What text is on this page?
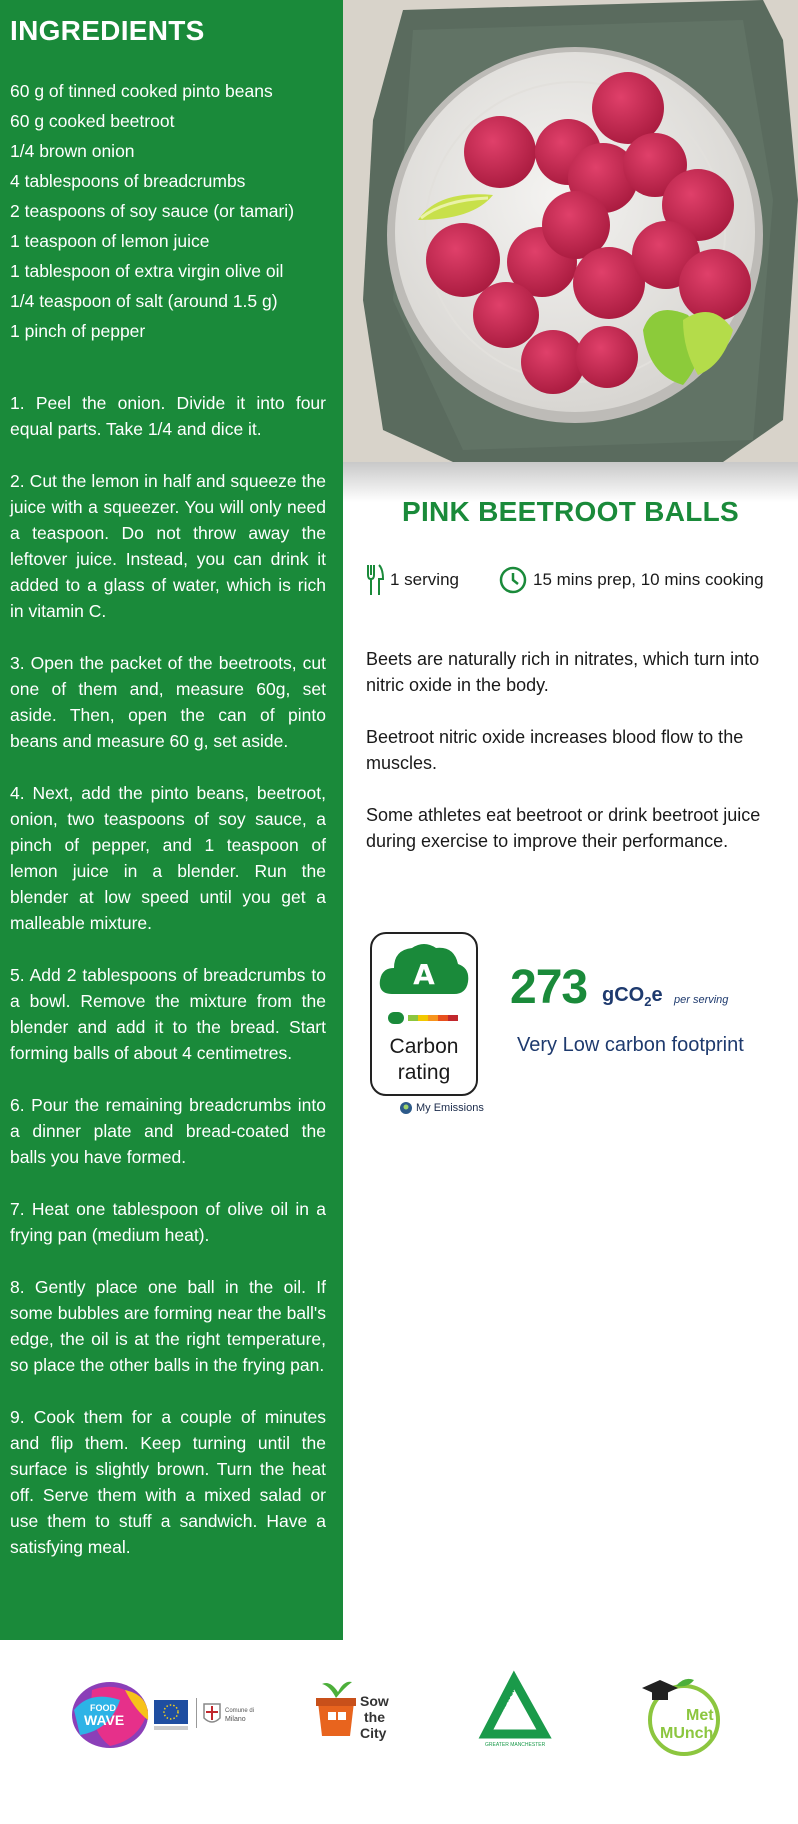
INGREDIENTS
60 g of tinned cooked pinto beans
60 g cooked beetroot
1/4 brown onion
4 tablespoons of breadcrumbs
2 teaspoons of soy sauce (or tamari)
1 teaspoon of lemon juice
1 tablespoon of extra virgin olive oil
1/4 teaspoon of salt (around 1.5 g)
1 pinch of pepper

1. Peel the onion. Divide it into four equal parts. Take 1/4 and dice it.

2. Cut the lemon in half and squeeze the juice with a squeezer. You will only need a teaspoon. Do not throw away the leftover juice. Instead, you can drink it added to a glass of water, which is rich in vitamin C.

3. Open the packet of the beetroots, cut one of them and, measure 60g, set aside. Then, open the can of pinto beans and measure 60 g, set aside.

4. Next, add the pinto beans, beetroot, onion, two teaspoons of soy sauce, a pinch of pepper, and 1 teaspoon of lemon juice in a blender. Run the blender at low speed until you get a malleable mixture.

5. Add 2 tablespoons of breadcrumbs to a bowl. Remove the mixture from the blender and add it to the bread. Start forming balls of about 4 centimetres.

6. Pour the remaining breadcrumbs into a dinner plate and bread-coated the balls you have formed.

7. Heat one tablespoon of olive oil in a frying pan (medium heat).

8. Gently place one ball in the oil. If some bubbles are forming near the ball's edge, the oil is at the right temperature, so place the other balls in the frying pan.

9. Cook them for a couple of minutes and flip them. Keep turning until the surface is slightly brown. Turn the heat off. Serve them with a mixed salad or use them to stuff a sandwich. Have a satisfying meal.

PINK BEETROOT BALLS
1 serving	15 mins prep, 10 mins cooking

Beets are naturally rich in nitrates, which turn into nitric oxide in the body.

Beetroot nitric oxide increases blood flow to the muscles.

Some athletes eat beetroot or drink beetroot juice during exercise to improve their performance.

A
Carbon
rating
My Emissions
273 gCO$_2$e per serving
Very Low carbon footprint
FOOD
WAVE
Comune di
Milano
Sow
the
City
GROUNDWORK
GREATER MANCHESTER
Met
MUnch
